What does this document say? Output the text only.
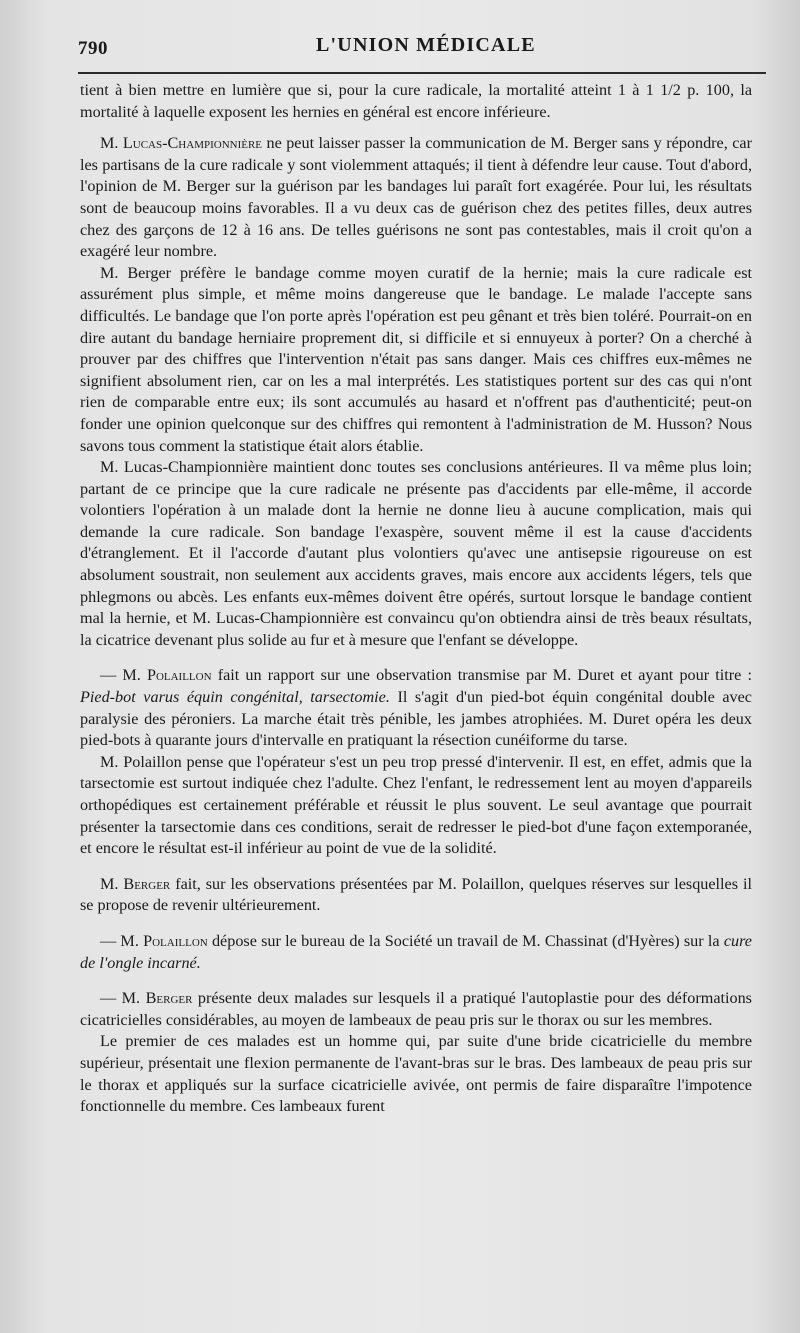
790	L'UNION MÉDICALE

tient à bien mettre en lumière que si, pour la cure radicale, la mortalité atteint 1 à 1 1/2 p. 100, la mortalité à laquelle exposent les hernies en général est encore inférieure.

M. Lucas-Championnière ne peut laisser passer la communication de M. Berger sans y répondre, car les partisans de la cure radicale y sont violemment attaqués; il tient à défendre leur cause. Tout d'abord, l'opinion de M. Berger sur la guérison par les bandages lui paraît fort exagérée. Pour lui, les résultats sont de beaucoup moins favorables. Il a vu deux cas de guérison chez des petites filles, deux autres chez des garçons de 12 à 16 ans. De telles guérisons ne sont pas contestables, mais il croit qu'on a exagéré leur nombre.

M. Berger préfère le bandage comme moyen curatif de la hernie; mais la cure radicale est assurément plus simple, et même moins dangereuse que le bandage. Le malade l'accepte sans difficultés. Le bandage que l'on porte après l'opération est peu gênant et très bien toléré. Pourrait-on en dire autant du bandage herniaire proprement dit, si difficile et si ennuyeux à porter? On a cherché à prouver par des chiffres que l'intervention n'était pas sans danger. Mais ces chiffres eux-mêmes ne signifient absolument rien, car on les a mal interprétés. Les statistiques portent sur des cas qui n'ont rien de comparable entre eux; ils sont accumulés au hasard et n'offrent pas d'authenticité; peut-on fonder une opinion quelconque sur des chiffres qui remontent à l'administration de M. Husson? Nous savons tous comment la statistique était alors établie.

M. Lucas-Championnière maintient donc toutes ses conclusions antérieures. Il va même plus loin; partant de ce principe que la cure radicale ne présente pas d'accidents par elle-même, il accorde volontiers l'opération à un malade dont la hernie ne donne lieu à aucune complication, mais qui demande la cure radicale. Son bandage l'exaspère, souvent même il est la cause d'accidents d'étranglement. Et il l'accorde d'autant plus volontiers qu'avec une antisepsie rigoureuse on est absolument soustrait, non seulement aux accidents graves, mais encore aux accidents légers, tels que phlegmons ou abcès. Les enfants eux-mêmes doivent être opérés, surtout lorsque le bandage contient mal la hernie, et M. Lucas-Championnière est convaincu qu'on obtiendra ainsi de très beaux résultats, la cicatrice devenant plus solide au fur et à mesure que l'enfant se développe.

— M. Polaillon fait un rapport sur une observation transmise par M. Duret et ayant pour titre : Pied-bot varus équin congénital, tarsectomie. Il s'agit d'un pied-bot équin congénital double avec paralysie des péroniers. La marche était très pénible, les jambes atrophiées. M. Duret opéra les deux pied-bots à quarante jours d'intervalle en pratiquant la résection cunéiforme du tarse.

M. Polaillon pense que l'opérateur s'est un peu trop pressé d'intervenir. Il est, en effet, admis que la tarsectomie est surtout indiquée chez l'adulte. Chez l'enfant, le redressement lent au moyen d'appareils orthopédiques est certainement préférable et réussit le plus souvent. Le seul avantage que pourrait présenter la tarsectomie dans ces conditions, serait de redresser le pied-bot d'une façon extemporanée, et encore le résultat est-il inférieur au point de vue de la solidité.

M. Berger fait, sur les observations présentées par M. Polaillon, quelques réserves sur lesquelles il se propose de revenir ultérieurement.

— M. Polaillon dépose sur le bureau de la Société un travail de M. Chassinat (d'Hyères) sur la cure de l'ongle incarné.

— M. Berger présente deux malades sur lesquels il a pratiqué l'autoplastie pour des déformations cicatricielles considérables, au moyen de lambeaux de peau pris sur le thorax ou sur les membres.

Le premier de ces malades est un homme qui, par suite d'une bride cicatricielle du membre supérieur, présentait une flexion permanente de l'avant-bras sur le bras. Des lambeaux de peau pris sur le thorax et appliqués sur la surface cicatricielle avivée, ont permis de faire disparaître l'impotence fonctionnelle du membre. Ces lambeaux furent
